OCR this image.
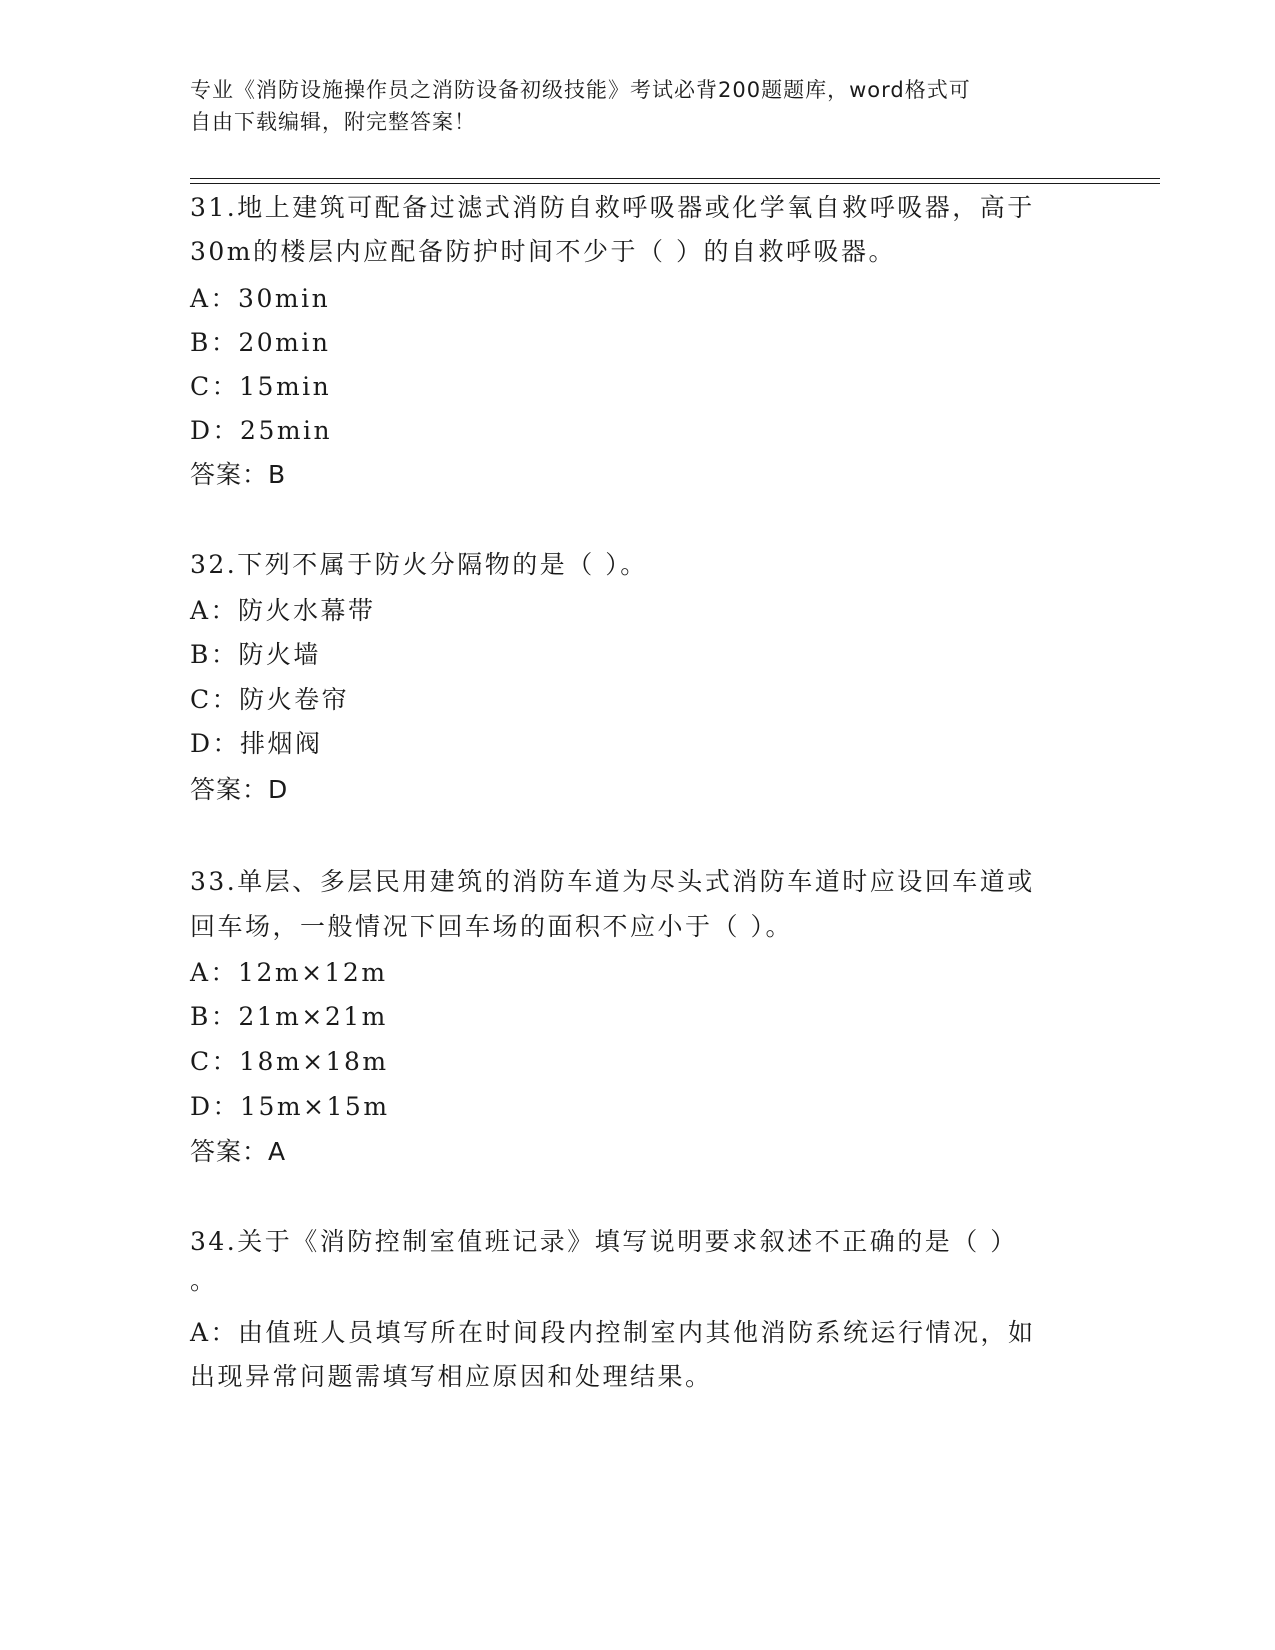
专业《消防设施操作员之消防设备初级技能》考试必背200题题库，word格式可
自由下载编辑，附完整答案！
31.地上建筑可配备过滤式消防自救呼吸器或化学氧自救呼吸器，高于
30m的楼层内应配备防护时间不少于（ ）的自救呼吸器。
A：30min
B：20min
C：15min
D：25min
答案：B
32.下列不属于防火分隔物的是（ ）。
A：防火水幕带
B：防火墙
C：防火卷帘
D：排烟阀
答案：D
33.单层、多层民用建筑的消防车道为尽头式消防车道时应设回车道或
回车场，一般情况下回车场的面积不应小于（ ）。
A：12m×12m
B：21m×21m
C：18m×18m
D：15m×15m
答案：A
34.关于《消防控制室值班记录》填写说明要求叙述不正确的是（ ）
。
A：由值班人员填写所在时间段内控制室内其他消防系统运行情况，如
出现异常问题需填写相应原因和处理结果。
